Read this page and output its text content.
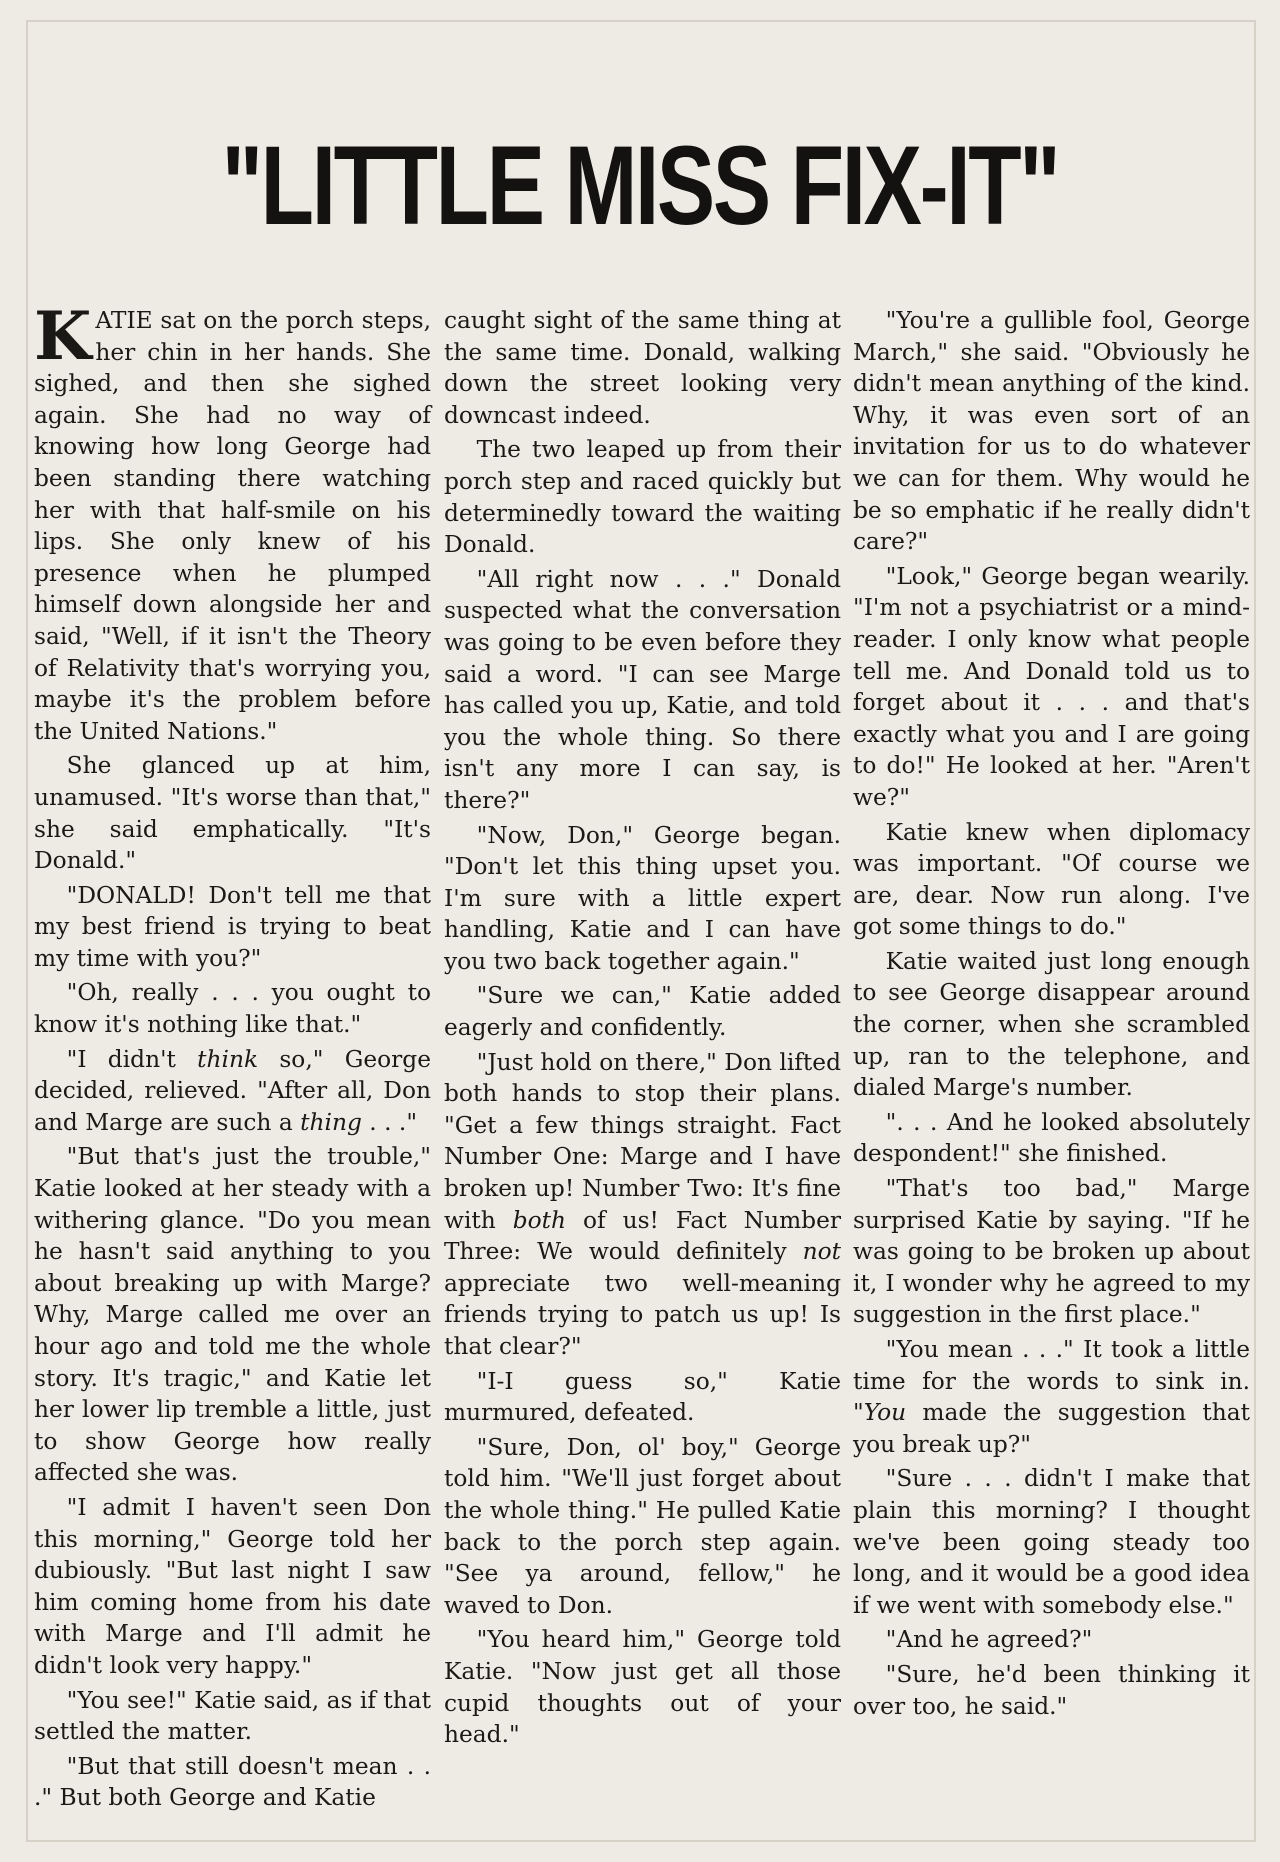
"LITTLE MISS FIX-IT"

KATIE sat on the porch steps, her chin in her hands. She sighed, and then she sighed again. She had no way of knowing how long George had been standing there watching her with that half-smile on his lips. She only knew of his presence when he plumped himself down alongside her and said, "Well, if it isn't the Theory of Relativity that's worrying you, maybe it's the problem before the United Nations."

She glanced up at him, unamused. "It's worse than that," she said emphatically. "It's Donald."

"DONALD! Don't tell me that my best friend is trying to beat my time with you?"

"Oh, really . . . you ought to know it's nothing like that."

"I didn't think so," George decided, relieved. "After all, Don and Marge are such a thing . . ."

"But that's just the trouble," Katie looked at her steady with a withering glance. "Do you mean he hasn't said anything to you about breaking up with Marge? Why, Marge called me over an hour ago and told me the whole story. It's tragic," and Katie let her lower lip tremble a little, just to show George how really affected she was.

"I admit I haven't seen Don this morning," George told her dubiously. "But last night I saw him coming home from his date with Marge and I'll admit he didn't look very happy."

"You see!" Katie said, as if that settled the matter.

"But that still doesn't mean . . ." But both George and Katie

caught sight of the same thing at the same time. Donald, walking down the street looking very downcast indeed.

The two leaped up from their porch step and raced quickly but determinedly toward the waiting Donald.

"All right now . . ." Donald suspected what the conversation was going to be even before they said a word. "I can see Marge has called you up, Katie, and told you the whole thing. So there isn't any more I can say, is there?"

"Now, Don," George began. "Don't let this thing upset you. I'm sure with a little expert handling, Katie and I can have you two back together again."

"Sure we can," Katie added eagerly and confidently.

"Just hold on there," Don lifted both hands to stop their plans. "Get a few things straight. Fact Number One: Marge and I have broken up! Number Two: It's fine with both of us! Fact Number Three: We would definitely not appreciate two well-meaning friends trying to patch us up! Is that clear?"

"I-I guess so," Katie murmured, defeated.

"Sure, Don, ol' boy," George told him. "We'll just forget about the whole thing." He pulled Katie back to the porch step again. "See ya around, fellow," he waved to Don.

"You heard him," George told Katie. "Now just get all those cupid thoughts out of your head."

"You're a gullible fool, George March," she said. "Obviously he didn't mean anything of the kind. Why, it was even sort of an invitation for us to do whatever we can for them. Why would he be so emphatic if he really didn't care?"

"Look," George began wearily. "I'm not a psychiatrist or a mind-reader. I only know what people tell me. And Donald told us to forget about it . . . and that's exactly what you and I are going to do!" He looked at her. "Aren't we?"

Katie knew when diplomacy was important. "Of course we are, dear. Now run along. I've got some things to do."

Katie waited just long enough to see George disappear around the corner, when she scrambled up, ran to the telephone, and dialed Marge's number.

". . . And he looked absolutely despondent!" she finished.

"That's too bad," Marge surprised Katie by saying. "If he was going to be broken up about it, I wonder why he agreed to my suggestion in the first place."

"You mean . . ." It took a little time for the words to sink in. "You made the suggestion that you break up?"

"Sure . . . didn't I make that plain this morning? I thought we've been going steady too long, and it would be a good idea if we went with somebody else."

"And he agreed?"

"Sure, he'd been thinking it over too, he said."
